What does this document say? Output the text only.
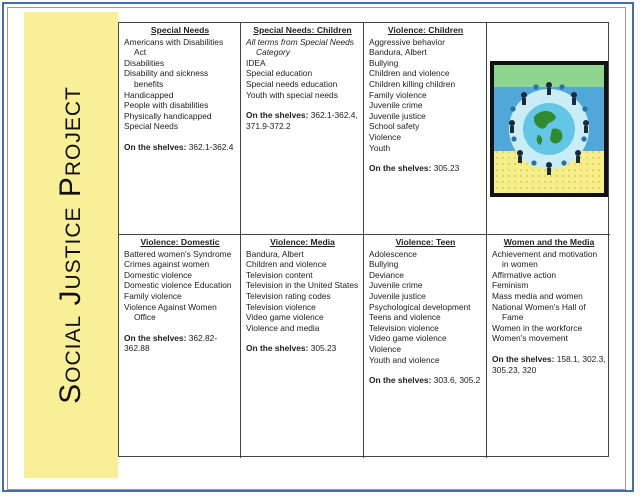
Social Justice Project
Special Needs
Americans with Disabilities Act
Disabilities
Disability and sickness benefits
Handicapped
People with disabilities
Physically handicapped
Special Needs
On the shelves: 362.1-362.4
Special Needs: Children
All terms from Special Needs Category
IDEA
Special education
Special needs education
Youth with special needs
On the shelves: 362.1-362.4, 371.9-372.2
Violence: Children
Aggressive behavior
Bandura, Albert
Bullying
Children and violence
Children killing children
Family violence
Juvenile crime
Juvenile justice
School safety
Violence
Youth
On the shelves: 305.23
Violence: Domestic
Battered women's Syndrome
Crimes against women
Domestic violence
Domestic violence Education
Family violence
Violence Against Women Office
On the shelves: 362.82-362.88
Violence: Media
Bandura, Albert
Children and violence
Television content
Television in the United States
Television rating codes
Television violence
Video game violence
Violence and media
On the shelves: 305.23
Violence: Teen
Adolescence
Bullying
Deviance
Juvenile crime
Juvenile justice
Psychological development
Teens and violence
Television violence
Video game violence
Violence
Youth and violence
On the shelves: 303.6, 305.2
Women and the Media
Achievement and motivation in women
Affirmative action
Feminism
Mass media and women
National Women's Hall of Fame
Women in the workforce
Women's movement
On the shelves: 158.1, 302.3, 305.23, 320
